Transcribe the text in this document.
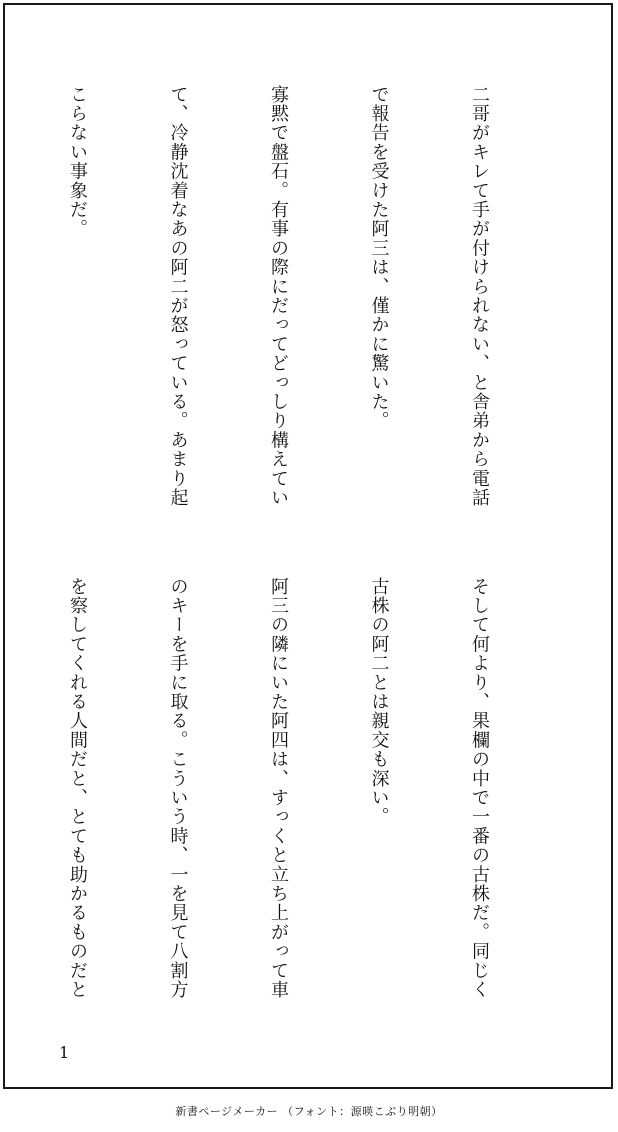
二哥がキレて手が付けられない、と舎弟から電話

で報告を受けた阿三は、僅かに驚いた。

寡黙で盤石。有事の際にだってどっしり構えてい

て、冷静沈着なあの阿二が怒っている。あまり起

こらない事象だ。

そして何より、果欄の中で一番の古株だ。同じく

古株の阿二とは親交も深い。

阿三の隣にいた阿四は、すっくと立ち上がって車

のキーを手に取る。こういう時、一を見て八割方

を察してくれる人間だと、とても助かるものだと

1
新書ページメーカー （フォント：源暎こぶり明朝）
